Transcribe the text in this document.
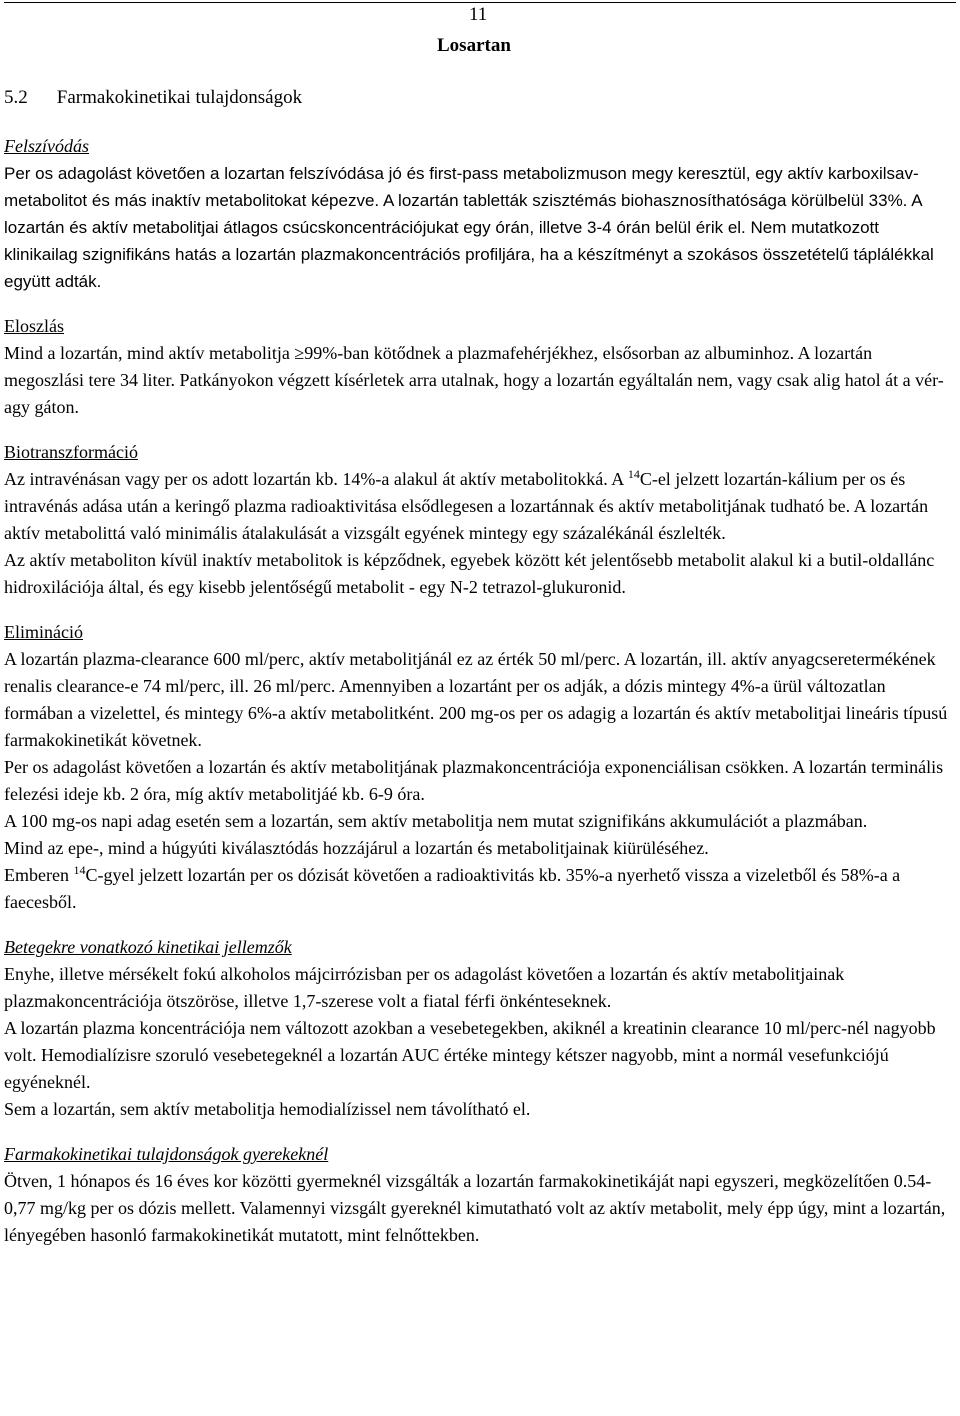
11
Losartan
5.2 Farmakokinetikai tulajdonságok
Felszívódás

Per os adagolást követően a lozartan felszívódása jó és first-pass metabolizmuson megy keresztül, egy aktív karboxilsav-metabolitot és más inaktív metabolitokat képezve. A lozartán tabletták szisztémás biohasznosíthatósága körülbelül 33%. A lozartán és aktív metabolitjai átlagos csúcskoncentrációjukat egy órán, illetve 3-4 órán belül érik el. Nem mutatkozott klinikailag szignifikáns hatás a lozartán plazmakoncentrációs profiljára, ha a készítményt a szokásos összetételű táplálékkal együtt adták.

Eloszlás

Mind a lozartán, mind aktív metabolitja ≥99%-ban kötődnek a plazmafehérjékhez, elsősorban az albuminhoz. A lozartán megoszlási tere 34 liter. Patkányokon végzett kísérletek arra utalnak, hogy a lozartán egyáltalán nem, vagy csak alig hatol át a vér-agy gáton.

Biotranszformáció

Az intravénásan vagy per os adott lozartán kb. 14%-a alakul át aktív metabolitokká. A $^{14}$C-el jelzett lozartán-kálium per os és intravénás adása után a keringő plazma radioaktivitása elsődlegesen a lozartánnak és aktív metabolitjának tudható be. A lozartán aktív metabolittá való minimális átalakulását a vizsgált egyének mintegy egy százalékánál észlelték.

Az aktív metaboliton kívül inaktív metabolitok is képződnek, egyebek között két jelentősebb metabolit alakul ki a butil-oldallánc hidroxilációja által, és egy kisebb jelentőségű metabolit - egy N-2 tetrazol-glukuronid.

Elimináció

A lozartán plazma-clearance 600 ml/perc, aktív metabolitjánál ez az érték 50 ml/perc. A lozartán, ill. aktív anyagcseretermékének renalis clearance-e 74 ml/perc, ill. 26 ml/perc. Amennyiben a lozartánt per os adják, a dózis mintegy 4%-a ürül változatlan formában a vizelettel, és mintegy 6%-a aktív metabolitként. 200 mg-os per os adagig a lozartán és aktív metabolitjai lineáris típusú farmakokinetikát követnek.

Per os adagolást követően a lozartán és aktív metabolitjának plazmakoncentrációja exponenciálisan csökken. A lozartán terminális felezési ideje kb. 2 óra, míg aktív metabolitjáé kb. 6-9 óra.

A 100 mg-os napi adag esetén sem a lozartán, sem aktív metabolitja nem mutat szignifikáns akkumulációt a plazmában.

Mind az epe-, mind a húgyúti kiválasztódás hozzájárul a lozartán és metabolitjainak kiürüléséhez.

Emberen $^{14}$C-gyel jelzett lozartán per os dózisát követően a radioaktivitás kb. 35%-a nyerhető vissza a vizeletből és 58%-a a faecesből.

Betegekre vonatkozó kinetikai jellemzők

Enyhe, illetve mérsékelt fokú alkoholos májcirrózisban per os adagolást követően a lozartán és aktív metabolitjainak plazmakoncentrációja ötszöröse, illetve 1,7-szerese volt a fiatal férfi önkénteseknek.

A lozartán plazma koncentrációja nem változott azokban a vesebetegekben, akiknél a kreatinin clearance 10 ml/perc-nél nagyobb volt. Hemodialízisre szoruló vesebetegeknél a lozartán AUC értéke mintegy kétszer nagyobb, mint a normál vesefunkciójú egyéneknél.

Sem a lozartán, sem aktív metabolitja hemodialízissel nem távolítható el.

Farmakokinetikai tulajdonságok gyerekeknél

Ötven, 1 hónapos és 16 éves kor közötti gyermeknél vizsgálták a lozartán farmakokinetikáját napi egyszeri, megközelítően 0.54-0,77 mg/kg per os dózis mellett. Valamennyi vizsgált gyereknél kimutatható volt az aktív metabolit, mely épp úgy, mint a lozartán, lényegében hasonló farmakokinetikát mutatott, mint felnőttekben.
